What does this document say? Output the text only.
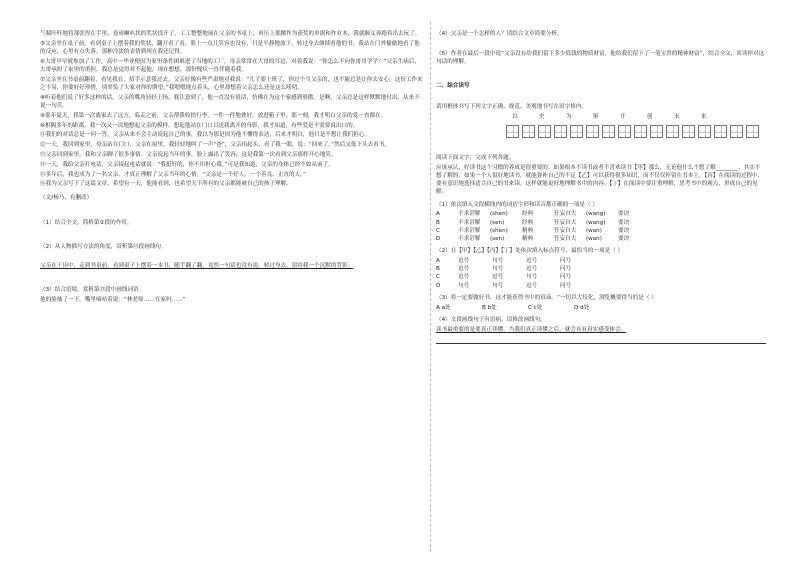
气喘吁吁地将那张捏在手里、卷成喇叭状的奖状找开了，工工整整地展在父亲的书桌上，再压上那摞作为获奖的单据和作业本，我就顺义奔跑着出去玩了。

⑤父亲坐在桌子前，看到桌子上摆着我的奖状，翻开看了看，脸上一点儿笑容也没有，只是平静地放下，转过身去继续看他的书。我站在门外偷偷地看了他的反应，心里有点失落，那种冷淡的表情到现在我还记得。

⑥大哥早早就参加了工作，高中一毕业便因为家里条件困难进了当地的工厂，母亲常常在大哥的耳边，对着我说：“你怎么不向你哥哥学学？”父亲生病后，大哥承担了家里的重担，我总是觉得对不起他，现在想想，那份愧疚一直伴随着我。

⑦父亲坐在书桌前翻着，看见我在，招手示意我过去。父亲好像有些严肃地对我说：“儿子要上班了，你过个当父亲的，也不能总是让你太安心，这份工作来之不易，你要好好珍惜，别辜负了大家对你的期望。”我嗯嗯地点着头，心里却想着父亲怎么还是这么唠叨。

⑧听着他们说了好多这样的话，父亲的嘴角轻轻上扬，我注意到了，他一直没有说话，仿佛在为这个家感到骄傲。是啊，父亲总是这样默默地付出，从来不说一句苦。

⑨那年夏天，我第一次离家去了远方，临走之前，父亲帮我收拾行李，一件一件地叠好，放进箱子里，那一刻，我才明白父亲的爱一直都在。

⑩相隔多年的距离，我一次又一次地想起父亲的模样，想起他站在门口目送我离开的身影，我才知道，有些爱是不需要说出口的。

⑪我们的对话总是一问一答，父亲从来不会主动说起自己的事，我以为那是因为他不懂得表达，后来才明白，他只是不想让我们担心。

⑫一天，我回到家里，母亲站在门口，父亲在屋里，我轻轻地叫了一声“爸”，父亲抬起头，看了我一眼，说：“回来了。”然后又低下头去看书。

⑬父亲回到家里，我和父亲聊了很多事情。父亲说起当年的事，脸上露出了笑容，这是我第一次看到父亲那样开心地笑。

⑭一天，我给父亲打电话，父亲接起电话就说：“我挺好的，你不用担心我。”可是我知道，父亲的身体已经不如从前了。

⑮多年后，我也成为了一名父亲，才真正理解了父亲当年的心情。“父亲是一个好人，一个善良、正直的人。”

⑯我为父亲写下了这篇文章，希望有一天，他能看到，也希望天下所有的父亲都能被自己的孩子理解。

（文/杨乃，有删改）

（1）结合全文，简析第②段的作用。

（2）从人物描写方法的角度，赏析第⑬段画线句。

父亲在干田中，走到书桌前，看到桌子上摆着一本书，随手翻了翻，竟然一句话也没有说，转过身去，留给我一个沉默的背影。

（3）结合语境，赏析第⑬段中画线词语。

他的脸抽了一下，嘴里嘀咕着说：“林老师……在家吗……”

（4）父亲是一个怎样的人？请结合文章简要分析。

（5）作者在最后一段中说“父亲没有给我们留下多少值钱的物质财富，他给我们留下了一笔宝贵的精神财富”，结合全文，谈谈你对这句话的理解。

二、综合读写

请用楷体书写下列文字正确、规范、美观地书写在田字格内。

以	史	为	鉴	开	创	未	来

阅读下面文字，完成下列各题。

应该承认，好读书这个习惯的养成是很重要的。如果根本不读书或者不喜欢读书【甲】那么，无论他什么不想了解________、其实不想了解的，如果一个人很好地读书，就能弥补自己的不足【乙】可以获得很多知识，而不仅仅停留在书本上。【丙】在阅读的过程中，要有意识地选择适合自己的书来读，这样就能更好地理解书中的内容。【丁】在阅读中要注重理解，思考书中的观点，形成自己的见解。

（1）依次填入文段横线内的词语字形和读音都正确的一项是（ ）

A	不求甚解	(shen)	经典	狂妄自大	(wang)	要诀
B	不求甚解	(sen)	经典	狂妄自大	(wang)	要诀
C	不求甚解	(shen)	精典	狂妄自大	(wan)	要诀
D	不求甚解	(sen)	精典	狂妄自大	(wan)	要诀

（2）在【甲】【乙】【丙】【丁】处依次填入标点符号，最恰当的一项是（ ）

A	逗号	句号	逗号	问号
B	逗号	句号	逗号	问号
C	逗号	逗号	句号	问号
D	句号	句号	逗号	问号

（3）将一定要做好书，这才能获得书中的真谛。“一切以大仪化，浏览概要得当的是（ ）

A a处	B b处	C c处	D d处

（4）文段画线句子有语病，请修改画线句。

读书最重要的是要真正读懂，当我们真正读懂之后，就会具有真实感受体会。
